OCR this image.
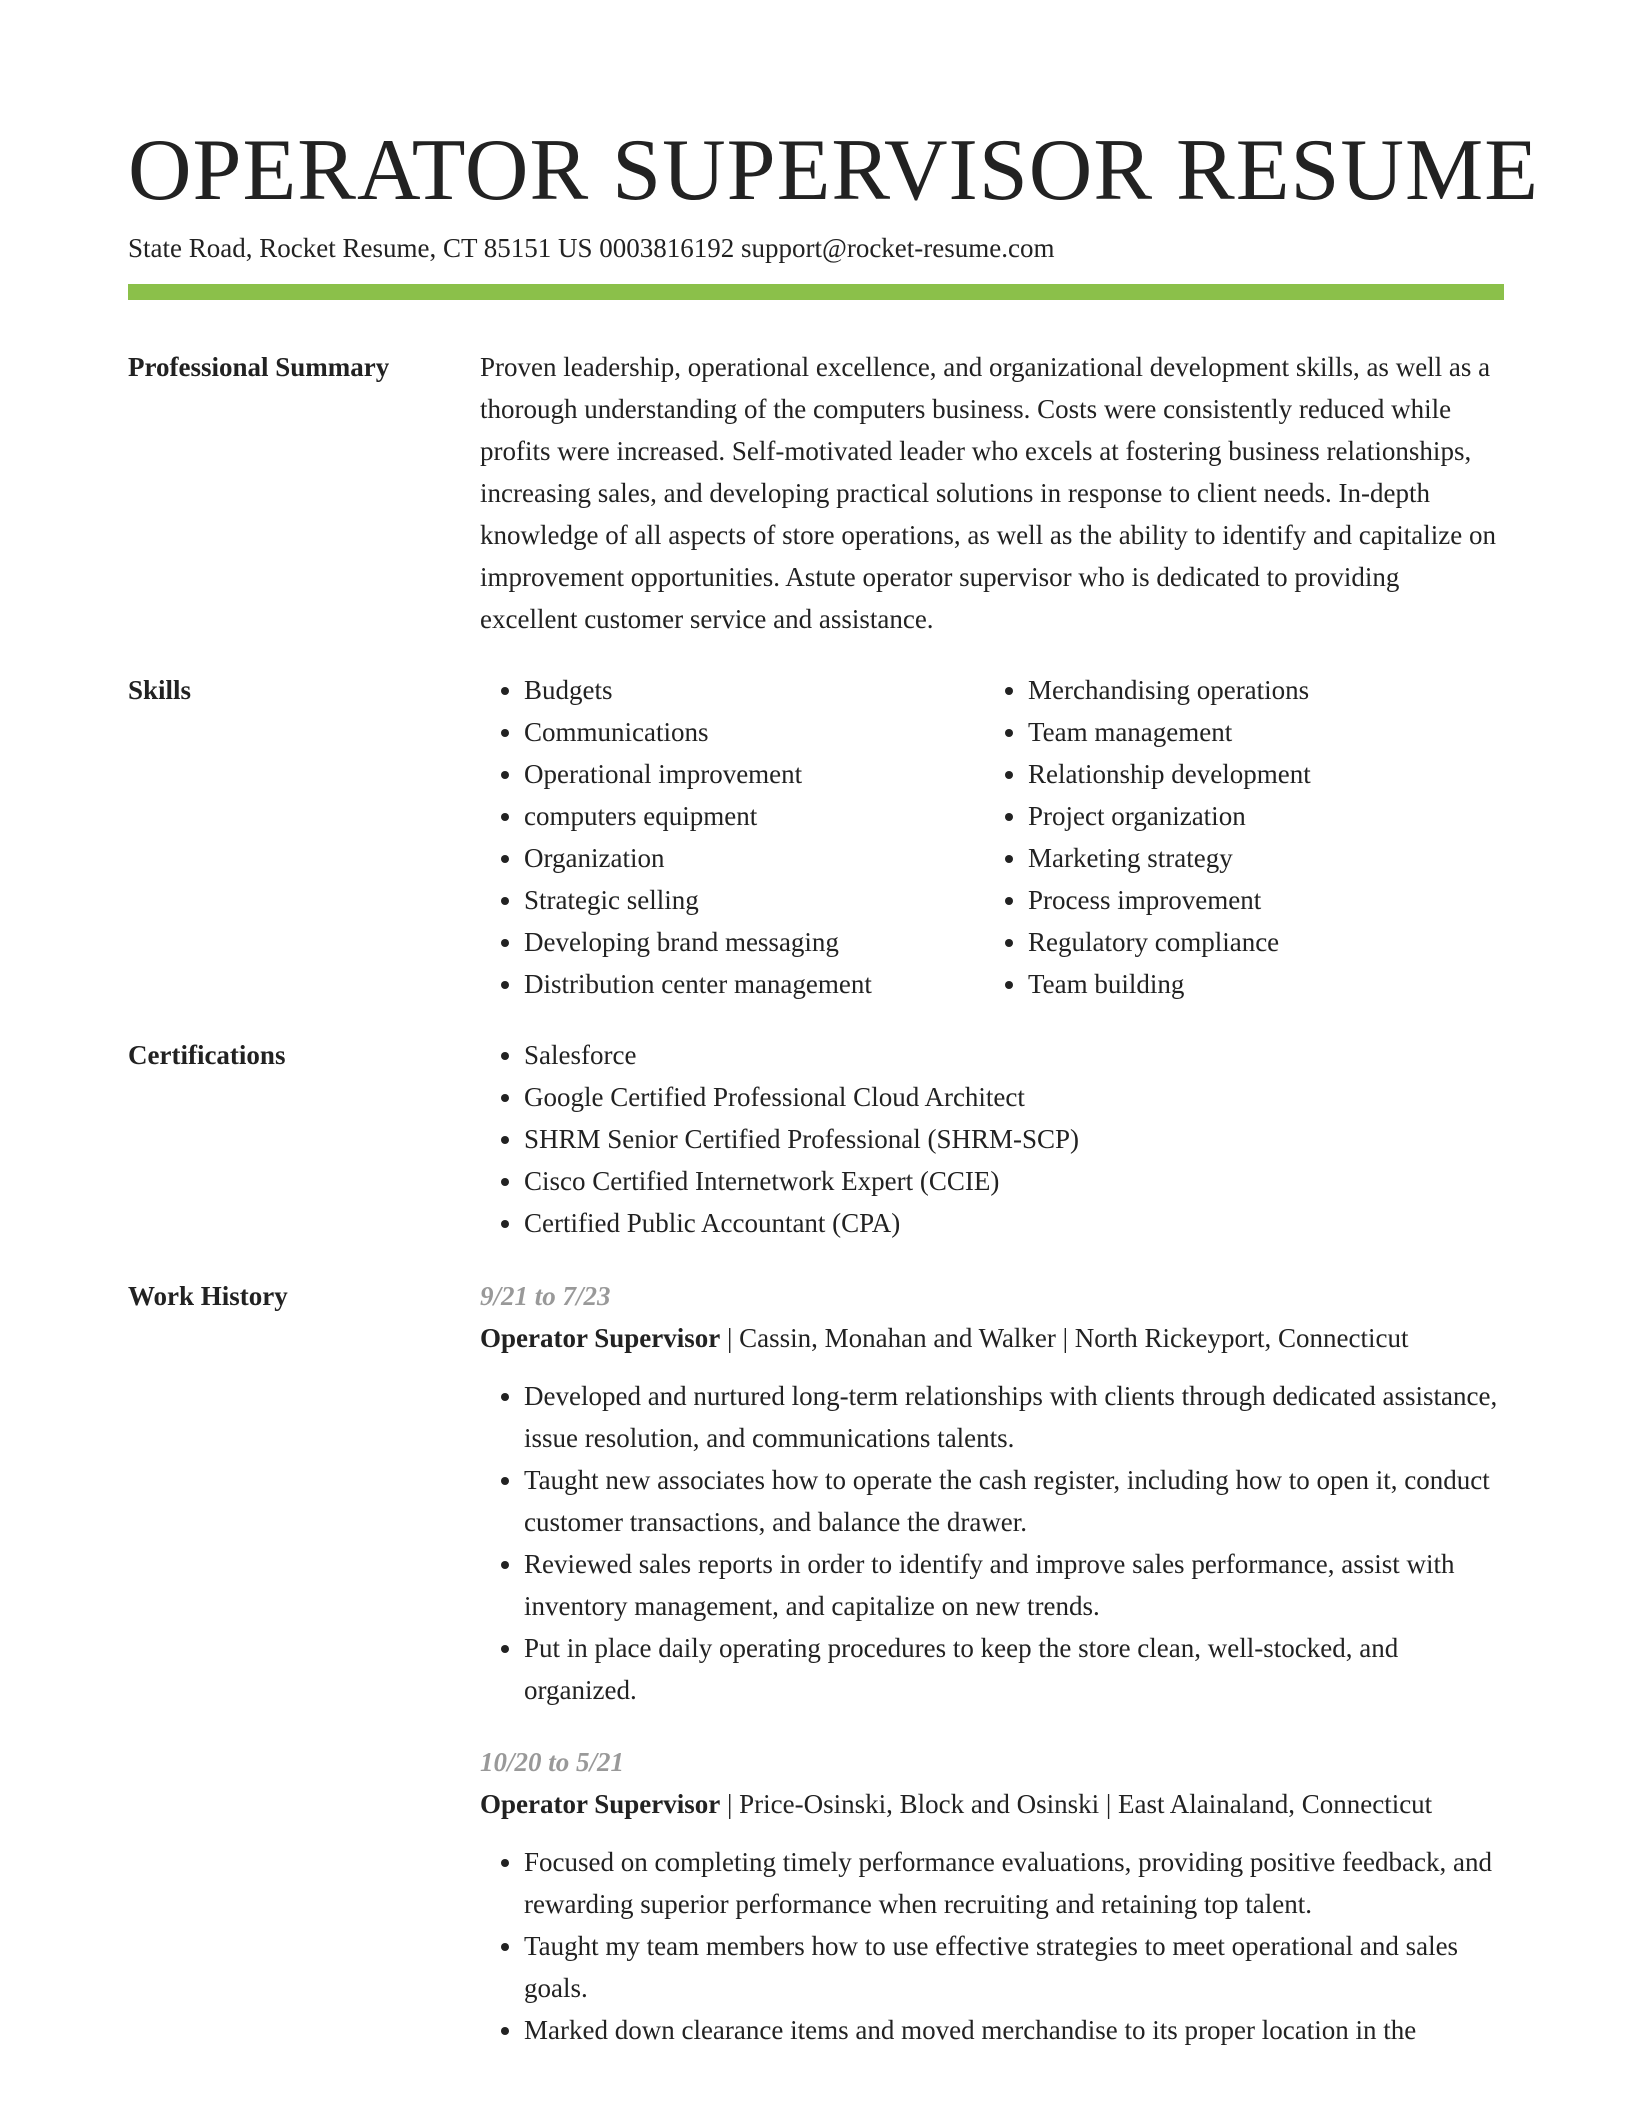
OPERATOR SUPERVISOR RESUME
State Road, Rocket Resume, CT 85151 US 0003816192 support@rocket-resume.com
Professional Summary	Proven leadership, operational excellence, and organizational development skills, as well as a thorough understanding of the computers business. Costs were consistently reduced while profits were increased. Self-motivated leader who excels at fostering business relationships, increasing sales, and developing practical solutions in response to client needs. In-depth knowledge of all aspects of store operations, as well as the ability to identify and capitalize on improvement opportunities. Astute operator supervisor who is dedicated to providing excellent customer service and assistance.
Skills	• Budgets
• Communications
• Operational improvement
• computers equipment
• Organization
• Strategic selling
• Developing brand messaging
• Distribution center management
• Merchandising operations
• Team management
• Relationship development
• Project organization
• Marketing strategy
• Process improvement
• Regulatory compliance
• Team building
Certifications	• Salesforce
• Google Certified Professional Cloud Architect
• SHRM Senior Certified Professional (SHRM-SCP)
• Cisco Certified Internetwork Expert (CCIE)
• Certified Public Accountant (CPA)
Work History	9/21 to 7/23
Operator Supervisor | Cassin, Monahan and Walker | North Rickeyport, Connecticut
• Developed and nurtured long-term relationships with clients through dedicated assistance, issue resolution, and communications talents.
• Taught new associates how to operate the cash register, including how to open it, conduct customer transactions, and balance the drawer.
• Reviewed sales reports in order to identify and improve sales performance, assist with inventory management, and capitalize on new trends.
• Put in place daily operating procedures to keep the store clean, well-stocked, and organized.
10/20 to 5/21
Operator Supervisor | Price-Osinski, Block and Osinski | East Alainaland, Connecticut
• Focused on completing timely performance evaluations, providing positive feedback, and rewarding superior performance when recruiting and retaining top talent.
• Taught my team members how to use effective strategies to meet operational and sales goals.
• Marked down clearance items and moved merchandise to its proper location in the
